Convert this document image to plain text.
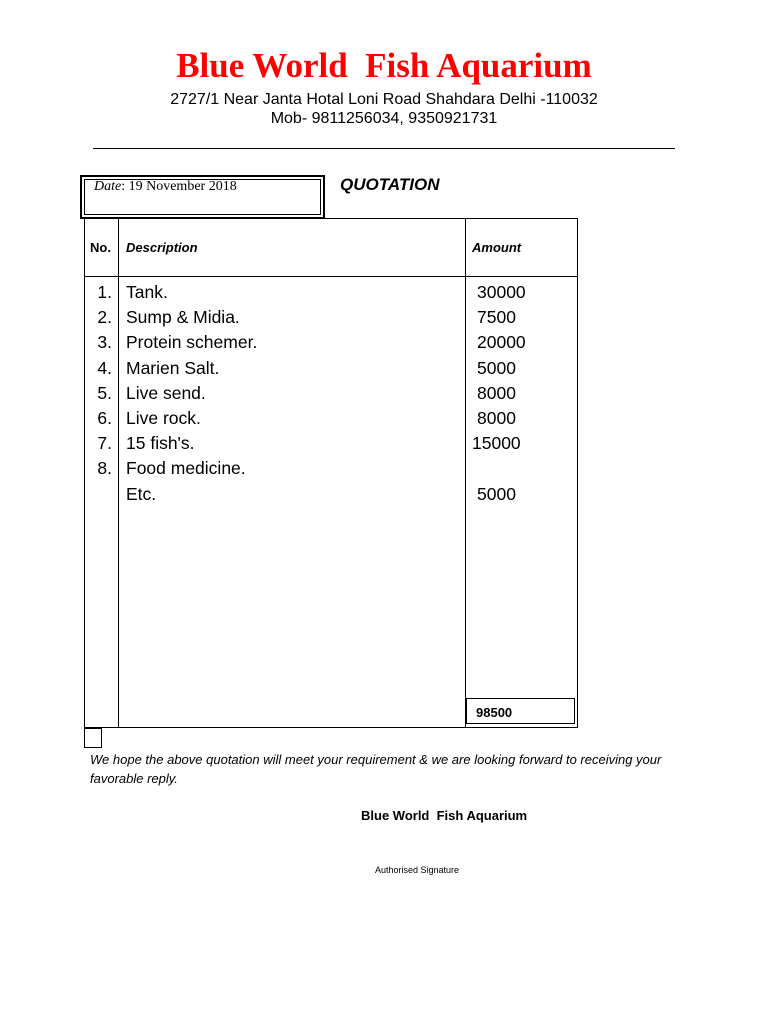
Blue World  Fish Aquarium
2727/1 Near Janta Hotal Loni Road Shahdara Delhi -110032
Mob- 9811256034, 9350921731
Date: 19 November 2018	QUOTATION
No. Description	Amount
1. Tank.	30000
2. Sump & Midia.	7500
3. Protein schemer.	20000
4. Marien Salt.	5000
5. Live send.	8000
6. Live rock.	8000
7. 15 fish's.	15000
8. Food medicine.
Etc.	5000
98500
We hope the above quotation will meet your requirement & we are looking forward to receiving your favorable reply.
Blue World  Fish Aquarium
Authorised Signature
